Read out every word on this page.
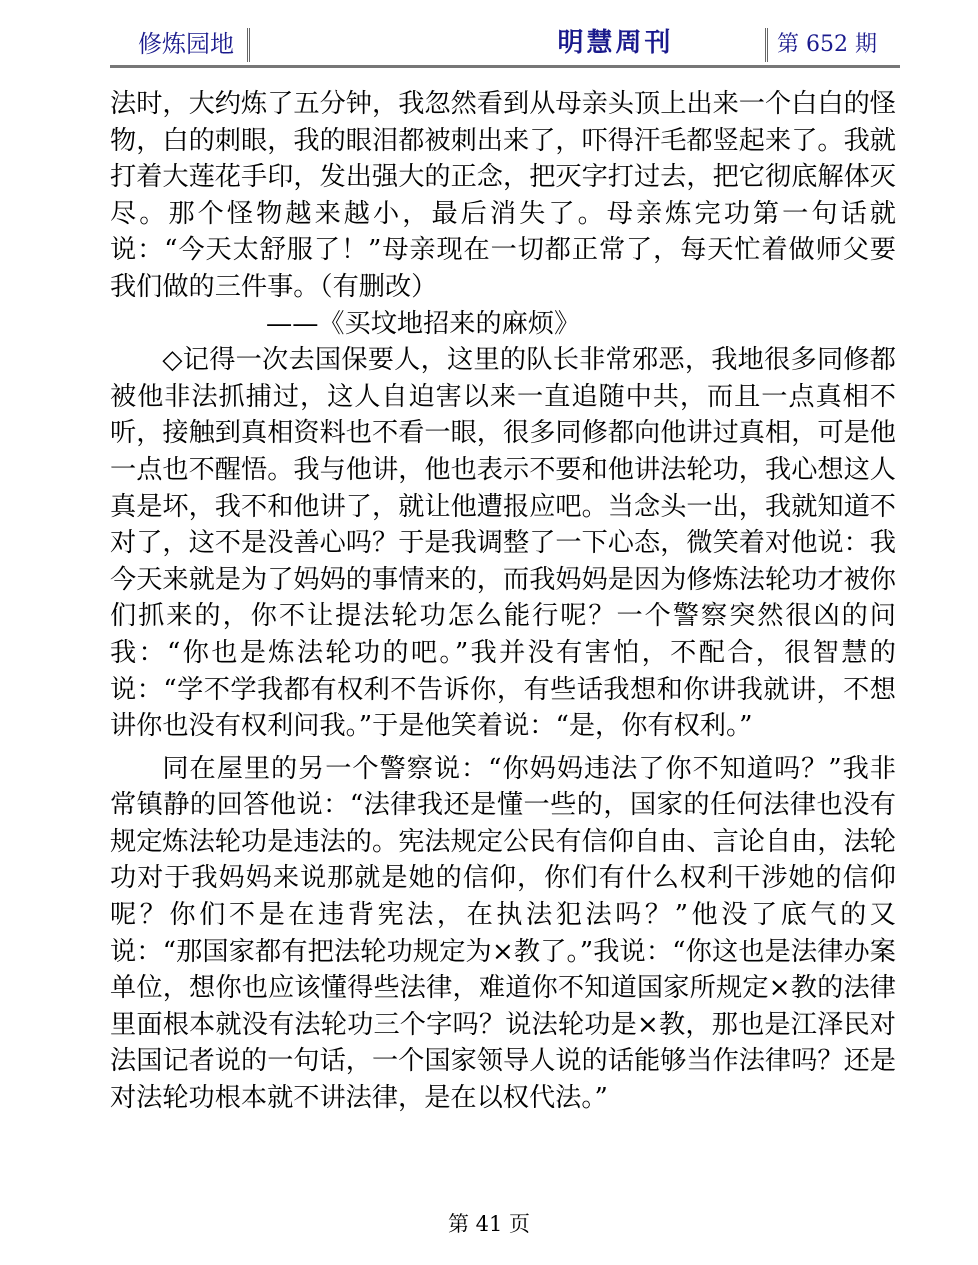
修炼园地	明慧周刊	第 652 期

法时，大约炼了五分钟，我忽然看到从母亲头顶上出来一个白白的怪物，白的刺眼，我的眼泪都被刺出来了，吓得汗毛都竖起来了。我就打着大莲花手印，发出强大的正念，把灭字打过去，把它彻底解体灭尽。那个怪物越来越小，最后消失了。母亲炼完功第一句话就说：“今天太舒服了！”母亲现在一切都正常了，每天忙着做师父要我们做的三件事。（有删改）

——《买坟地招来的麻烦》

◇记得一次去国保要人，这里的队长非常邪恶，我地很多同修都被他非法抓捕过，这人自迫害以来一直追随中共，而且一点真相不听，接触到真相资料也不看一眼，很多同修都向他讲过真相，可是他一点也不醒悟。我与他讲，他也表示不要和他讲法轮功，我心想这人真是坏，我不和他讲了，就让他遭报应吧。当念头一出，我就知道不对了，这不是没善心吗？于是我调整了一下心态，微笑着对他说：我今天来就是为了妈妈的事情来的，而我妈妈是因为修炼法轮功才被你们抓来的，你不让提法轮功怎么能行呢？一个警察突然很凶的问我：“你也是炼法轮功的吧。”我并没有害怕，不配合，很智慧的说：“学不学我都有权利不告诉你，有些话我想和你讲我就讲，不想讲你也没有权利问我。”于是他笑着说：“是，你有权利。”

同在屋里的另一个警察说：“你妈妈违法了你不知道吗？”我非常镇静的回答他说：“法律我还是懂一些的，国家的任何法律也没有规定炼法轮功是违法的。宪法规定公民有信仰自由、言论自由，法轮功对于我妈妈来说那就是她的信仰，你们有什么权利干涉她的信仰呢？你们不是在违背宪法，在执法犯法吗？”他没了底气的又说：“那国家都有把法轮功规定为×教了。”我说：“你这也是法律办案单位，想你也应该懂得些法律，难道你不知道国家所规定×教的法律里面根本就没有法轮功三个字吗？说法轮功是×教，那也是江泽民对法国记者说的一句话，一个国家领导人说的话能够当作法律吗？还是对法轮功根本就不讲法律，是在以权代法。”

第 41 页
